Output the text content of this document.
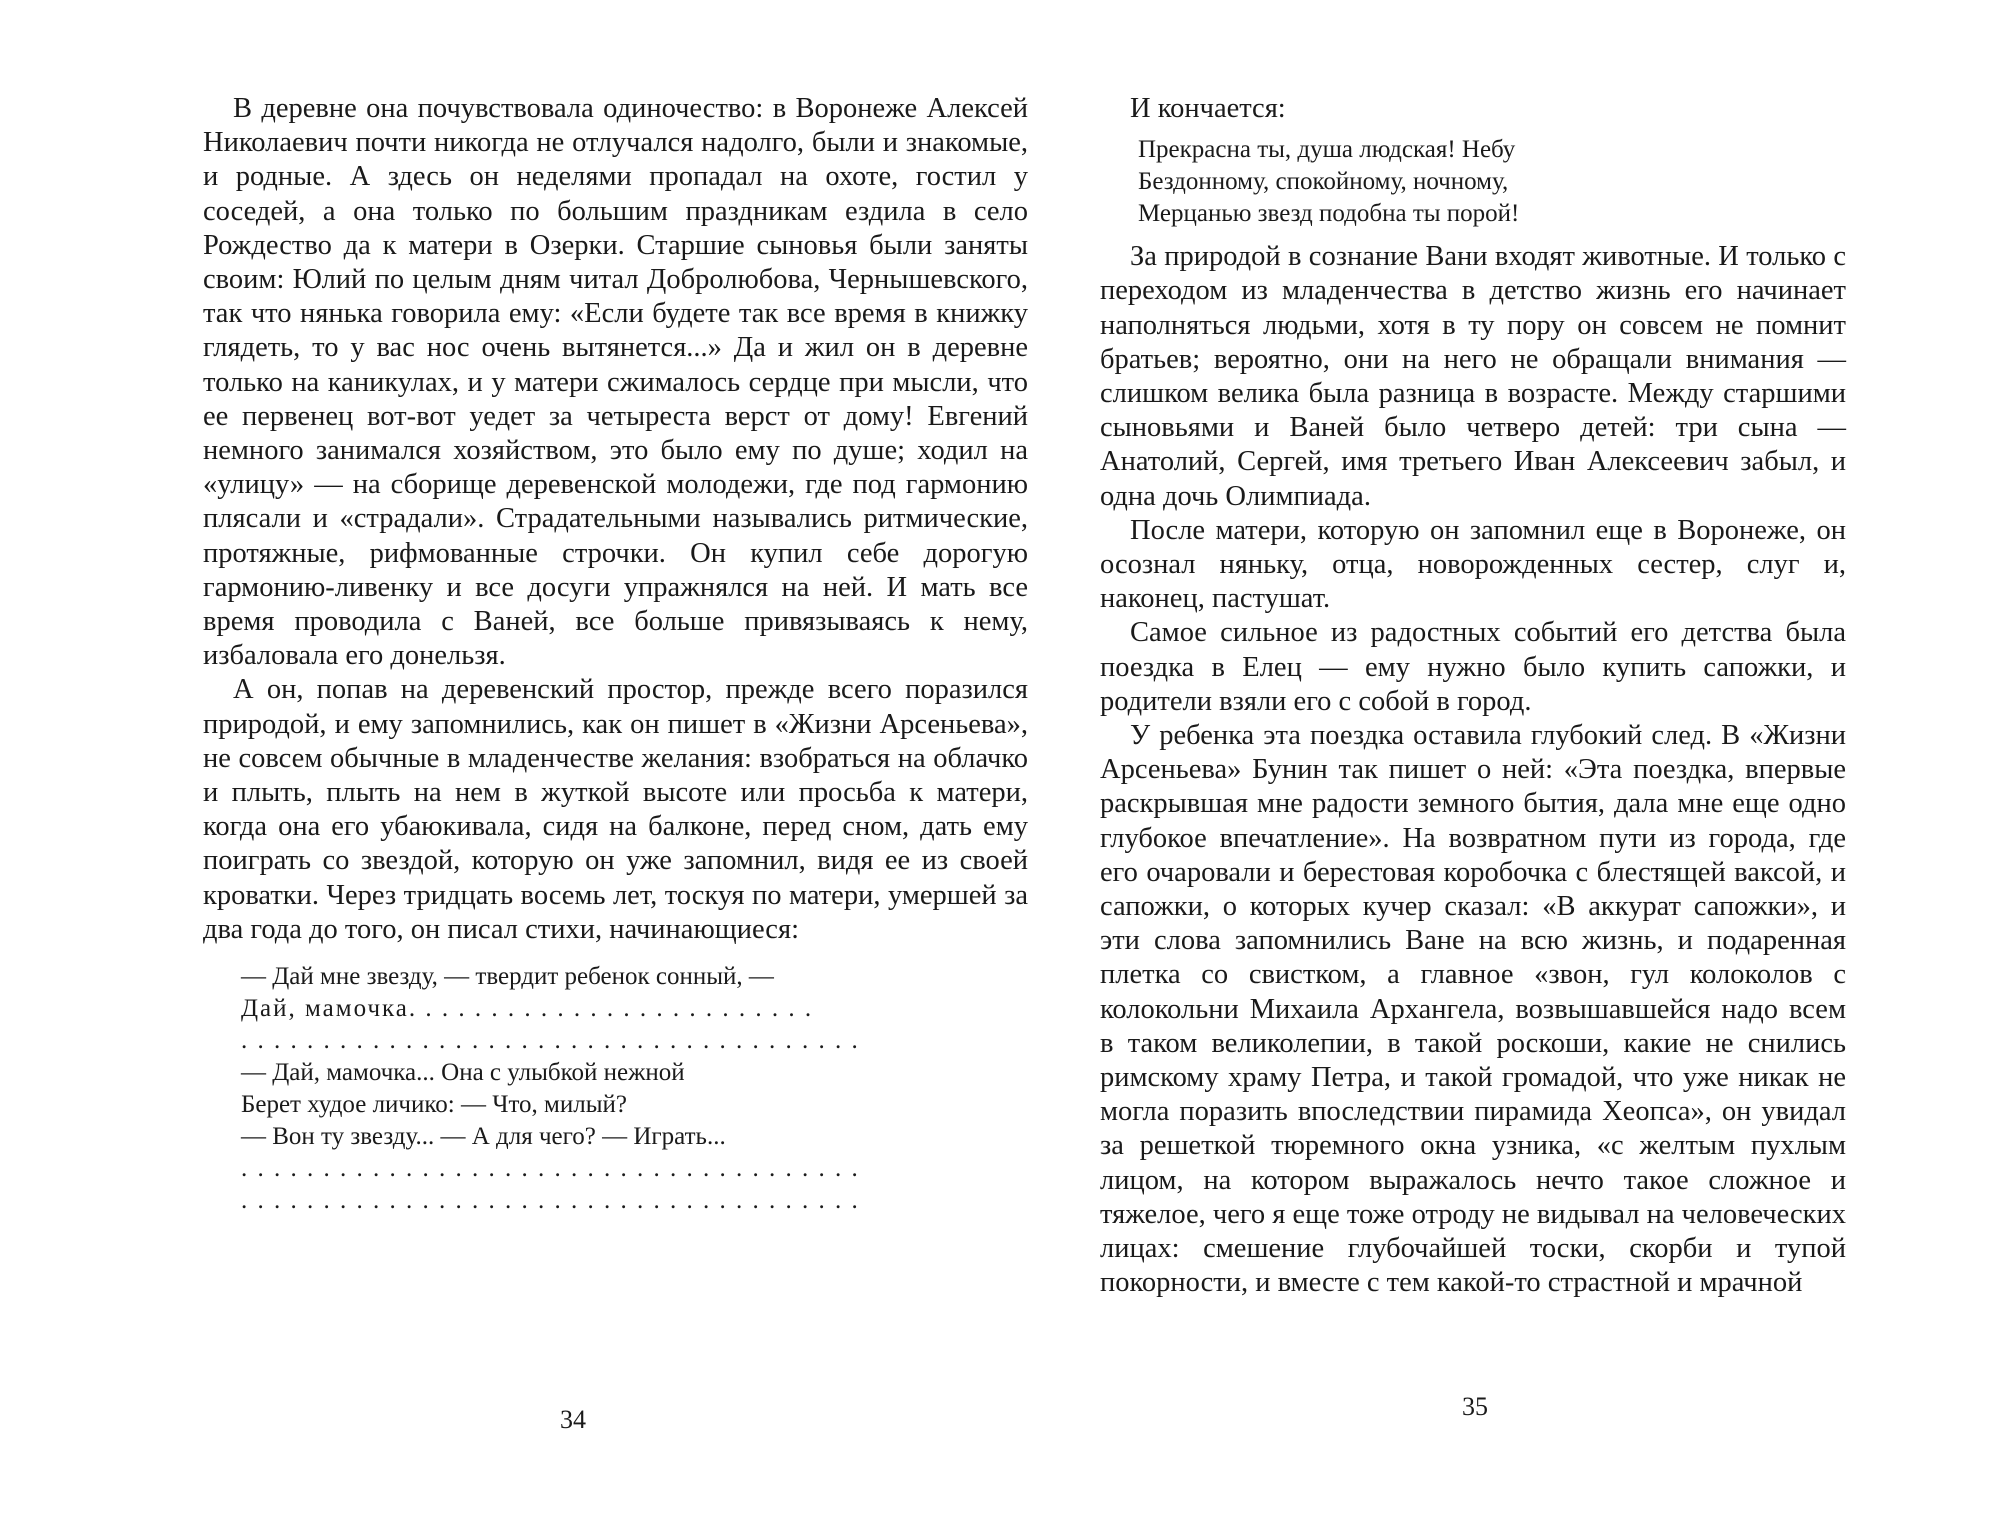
В деревне она почувствовала одиночество: в Воронеже Алексей Николаевич почти никогда не отлучался надолго, были и знакомые, и родные. А здесь он неделями пропадал на охоте, гостил у соседей, а она только по большим праздникам ездила в село Рождество да к матери в Озерки. Старшие сыновья были заняты своим: Юлий по целым дням читал Добролюбова, Чернышевского, так что нянька говорила ему: «Если будете так все время в книжку глядеть, то у вас нос очень вытянется...» Да и жил он в деревне только на каникулах, и у матери сжималось сердце при мысли, что ее первенец вот-вот уедет за четыреста верст от дому! Евгений немного занимался хозяйством, это было ему по душе; ходил на «улицу» — на сборище деревенской молодежи, где под гармонию плясали и «страдали». Страдательными назывались ритмические, протяжные, рифмованные строчки. Он купил себе дорогую гармонию-ливенку и все досуги упражнялся на ней. И мать все время проводила с Ваней, все больше привязываясь к нему, избаловала его донельзя.

А он, попав на деревенский простор, прежде всего поразился природой, и ему запомнились, как он пишет в «Жизни Арсеньева», не совсем обычные в младенчестве желания: взобраться на облачко и плыть, плыть на нем в жуткой высоте или просьба к матери, когда она его убаюкивала, сидя на балконе, перед сном, дать ему поиграть со звездой, которую он уже запомнил, видя ее из своей кроватки. Через тридцать восемь лет, тоскуя по матери, умершей за два года до того, он писал стихи, начинающиеся:

— Дай мне звезду, — твердит ребенок сонный, —
Дай, мамочка. . . . . . . . . . . . . . . . . . . . . . . . .
. . . . . . . . . . . . . . . . . . . . . . . . . . . . . . . . . . . . . .
— Дай, мамочка... Она с улыбкой нежной
Берет худое личико: — Что, милый?
— Вон ту звезду... — А для чего? — Играть...
. . . . . . . . . . . . . . . . . . . . . . . . . . . . . . . . . . . . . .
. . . . . . . . . . . . . . . . . . . . . . . . . . . . . . . . . . . . . .
34

И кончается:

Прекрасна ты, душа людская! Небу
Бездонному, спокойному, ночному,
Мерцанью звезд подобна ты порой!

За природой в сознание Вани входят животные. И только с переходом из младенчества в детство жизнь его начинает наполняться людьми, хотя в ту пору он совсем не помнит братьев; вероятно, они на него не обращали внимания — слишком велика была разница в возрасте. Между старшими сыновьями и Ваней было четверо детей: три сына — Анатолий, Сергей, имя третьего Иван Алексеевич забыл, и одна дочь Олимпиада.

После матери, которую он запомнил еще в Воронеже, он осознал няньку, отца, новорожденных сестер, слуг и, наконец, пастушат.

Самое сильное из радостных событий его детства была поездка в Елец — ему нужно было купить сапожки, и родители взяли его с собой в город.

У ребенка эта поездка оставила глубокий след. В «Жизни Арсеньева» Бунин так пишет о ней: «Эта поездка, впервые раскрывшая мне радости земного бытия, дала мне еще одно глубокое впечатление». На возвратном пути из города, где его очаровали и берестовая коробочка с блестящей ваксой, и сапожки, о которых кучер сказал: «В аккурат сапожки», и эти слова запомнились Ване на всю жизнь, и подаренная плетка со свистком, а главное «звон, гул колоколов с колокольни Михаила Архангела, возвышавшейся надо всем в таком великолепии, в такой роскоши, какие не снились римскому храму Петра, и такой громадой, что уже никак не могла поразить впоследствии пирамида Хеопса», он увидал за решеткой тюремного окна узника, «с желтым пухлым лицом, на котором выражалось нечто такое сложное и тяжелое, чего я еще тоже отроду не видывал на человеческих лицах: смешение глубочайшей тоски, скорби и тупой покорности, и вместе с тем какой-то страстной и мрачной

35
